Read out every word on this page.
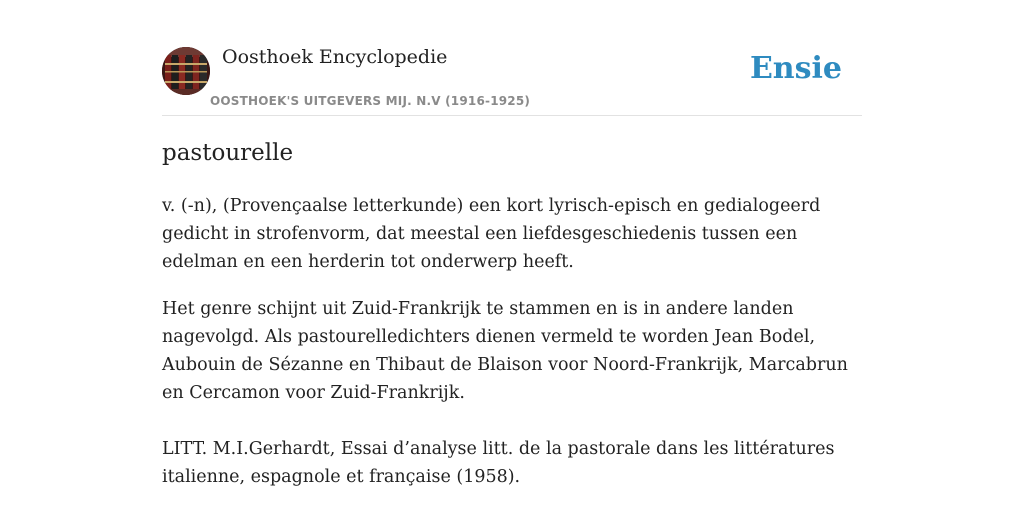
Oosthoek Encyclopedie
OOSTHOEK'S UITGEVERS MIJ. N.V (1916-1925)
Ensie
pastourelle

v. (-n), (Provençaalse letterkunde) een kort lyrisch-episch en gedialogeerd gedicht in strofenvorm, dat meestal een liefdesgeschiedenis tussen een edelman en een herderin tot onderwerp heeft.

Het genre schijnt uit Zuid-Frankrijk te stammen en is in andere landen nagevolgd. Als pastourelledichters dienen vermeld te worden Jean Bodel, Aubouin de Sézanne en Thibaut de Blaison voor Noord-Frankrijk, Marcabrun en Cercamon voor Zuid-Frankrijk.

LITT. M.I.Gerhardt, Essai d’analyse litt. de la pastorale dans les littératures italienne, espagnole et française (1958).
